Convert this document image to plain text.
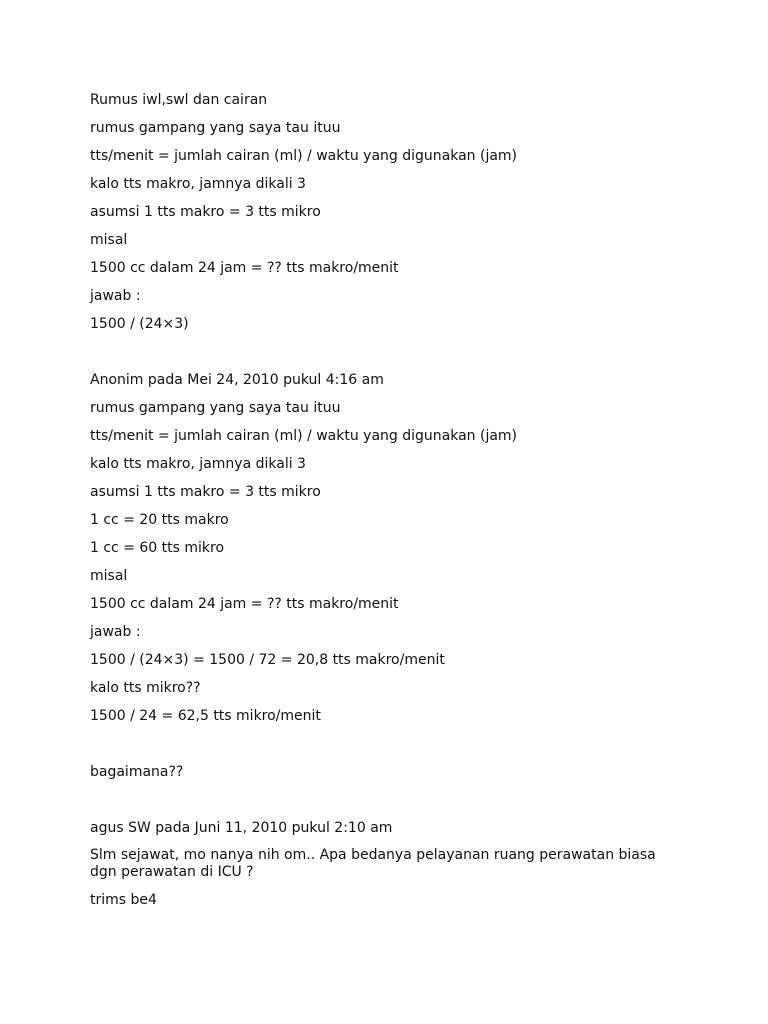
Rumus iwl,swl dan cairan
rumus gampang yang saya tau ituu
tts/menit = jumlah cairan (ml) / waktu yang digunakan (jam)
kalo tts makro, jamnya dikali 3
asumsi 1 tts makro = 3 tts mikro
misal
1500 cc dalam 24 jam = ?? tts makro/menit
jawab :
1500 / (24×3)
Anonim pada Mei 24, 2010 pukul 4:16 am
rumus gampang yang saya tau ituu
tts/menit = jumlah cairan (ml) / waktu yang digunakan (jam)
kalo tts makro, jamnya dikali 3
asumsi 1 tts makro = 3 tts mikro
1 cc = 20 tts makro
1 cc = 60 tts mikro
misal
1500 cc dalam 24 jam = ?? tts makro/menit
jawab :
1500 / (24×3) = 1500 / 72 = 20,8 tts makro/menit
kalo tts mikro??
1500 / 24 = 62,5 tts mikro/menit
bagaimana??
agus SW pada Juni 11, 2010 pukul 2:10 am
Slm sejawat, mo nanya nih om.. Apa bedanya pelayanan ruang perawatan biasa dgn perawatan di ICU ?
trims be4
